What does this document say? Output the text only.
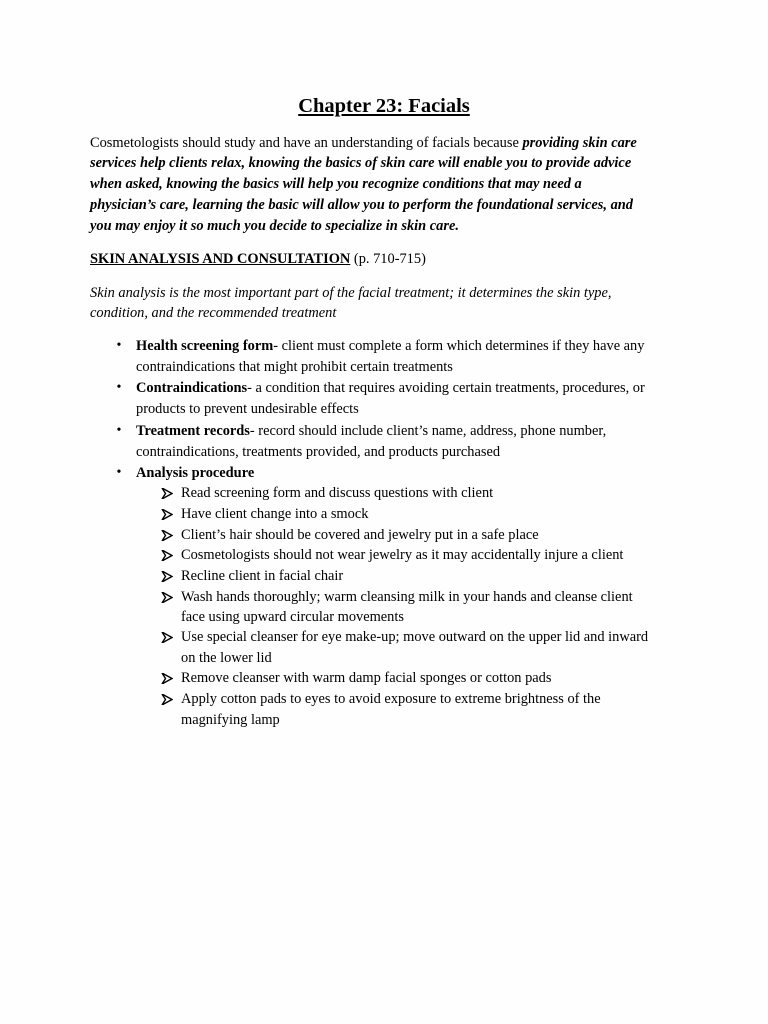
Chapter 23: Facials
Cosmetologists should study and have an understanding of facials because providing skin care
services help clients relax, knowing the basics of skin care will enable you to provide advice
when asked, knowing the basics will help you recognize conditions that may need a
physician’s care, learning the basic will allow you to perform the foundational services, and
you may enjoy it so much you decide to specialize in skin care.
SKIN ANALYSIS AND CONSULTATION (p. 710-715)
Skin analysis is the most important part of the facial treatment; it determines the skin type,
condition, and the recommended treatment
•	Health screening form- client must complete a form which determines if they have any
contraindications that might prohibit certain treatments
•	Contraindications- a condition that requires avoiding certain treatments, procedures, or
products to prevent undesirable effects
•	Treatment records- record should include client’s name, address, phone number,
contraindications, treatments provided, and products purchased
•	Analysis procedure
Read screening form and discuss questions with client
Have client change into a smock
Client’s hair should be covered and jewelry put in a safe place
Cosmetologists should not wear jewelry as it may accidentally injure a client
Recline client in facial chair
Wash hands thoroughly; warm cleansing milk in your hands and cleanse client
face using upward circular movements
Use special cleanser for eye make-up; move outward on the upper lid and inward
on the lower lid
Remove cleanser with warm damp facial sponges or cotton pads
Apply cotton pads to eyes to avoid exposure to extreme brightness of the
magnifying lamp
